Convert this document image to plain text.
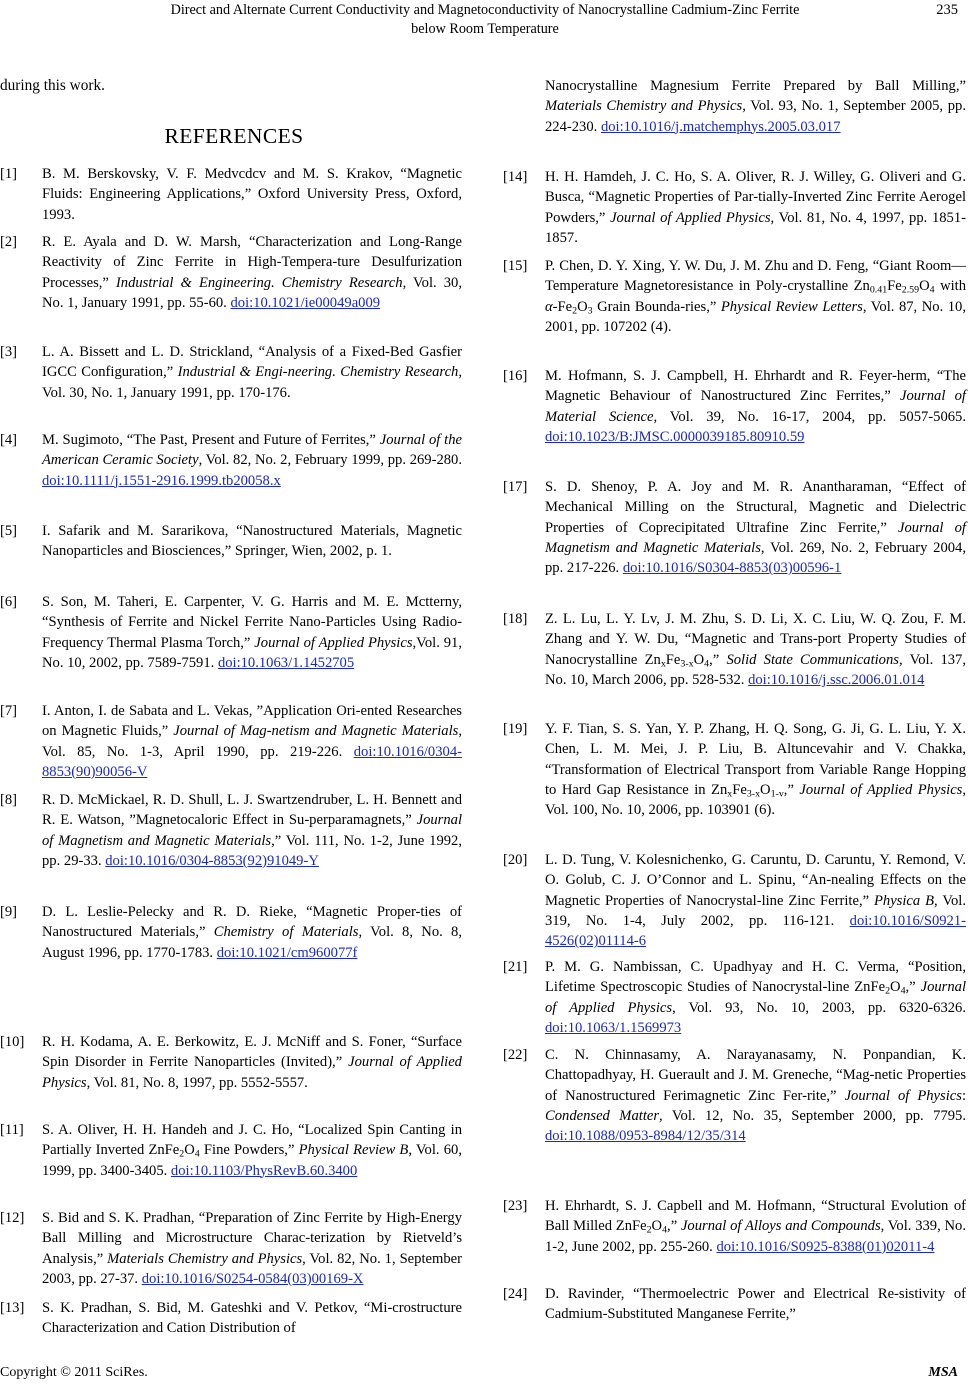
Direct and Alternate Current Conductivity and Magnetoconductivity of Nanocrystalline Cadmium-Zinc Ferrite
below Room Temperature
235
during this work.
REFERENCES
[1] B. M. Berskovsky, V. F. Medvcdcv and M. S. Krakov, “Magnetic Fluids: Engineering Applications,” Oxford University Press, Oxford, 1993.
[2] R. E. Ayala and D. W. Marsh, “Characterization and Long-Range Reactivity of Zinc Ferrite in High-Tempera-ture Desulfurization Processes,” Industrial & Engineering. Chemistry Research, Vol. 30, No. 1, January 1991, pp. 55-60. doi:10.1021/ie00049a009
[3] L. A. Bissett and L. D. Strickland, “Analysis of a Fixed-Bed Gasfier IGCC Configuration,” Industrial & Engi-neering. Chemistry Research, Vol. 30, No. 1, January 1991, pp. 170-176.
[4] M. Sugimoto, “The Past, Present and Future of Ferrites,” Journal of the American Ceramic Society, Vol. 82, No. 2, February 1999, pp. 269-280. doi:10.1111/j.1551-2916.1999.tb20058.x
[5] I. Safarik and M. Sararikova, “Nanostructured Materials, Magnetic Nanoparticles and Biosciences,” Springer, Wien, 2002, p. 1.
[6] S. Son, M. Taheri, E. Carpenter, V. G. Harris and M. E. Mctterny, “Synthesis of Ferrite and Nickel Ferrite Nano-Particles Using Radio-Frequency Thermal Plasma Torch,” Journal of Applied Physics,Vol. 91, No. 10, 2002, pp. 7589-7591. doi:10.1063/1.1452705
[7] I. Anton, I. de Sabata and L. Vekas, ”Application Ori-ented Researches on Magnetic Fluids,” Journal of Mag-netism and Magnetic Materials, Vol. 85, No. 1-3, April 1990, pp. 219-226. doi:10.1016/0304-8853(90)90056-V
[8] R. D. McMickael, R. D. Shull, L. J. Swartzendruber, L. H. Bennett and R. E. Watson, ”Magnetocaloric Effect in Su-perparamagnets,” Journal of Magnetism and Magnetic Materials,” Vol. 111, No. 1-2, June 1992, pp. 29-33. doi:10.1016/0304-8853(92)91049-Y
[9] D. L. Leslie-Pelecky and R. D. Rieke, “Magnetic Proper-ties of Nanostructured Materials,” Chemistry of Materials, Vol. 8, No. 8, August 1996, pp. 1770-1783. doi:10.1021/cm960077f
[10] R. H. Kodama, A. E. Berkowitz, E. J. McNiff and S. Foner, “Surface Spin Disorder in Ferrite Nanoparticles (Invited),” Journal of Applied Physics, Vol. 81, No. 8, 1997, pp. 5552-5557.
[11] S. A. Oliver, H. H. Handeh and J. C. Ho, “Localized Spin Canting in Partially Inverted $ZnFe_2O_4$ Fine Powders,” Physical Review B, Vol. 60, 1999, pp. 3400-3405. doi:10.1103/PhysRevB.60.3400
[12] S. Bid and S. K. Pradhan, “Preparation of Zinc Ferrite by High-Energy Ball Milling and Microstructure Charac-terization by Rietveld’s Analysis,” Materials Chemistry and Physics, Vol. 82, No. 1, September 2003, pp. 27-37. doi:10.1016/S0254-0584(03)00169-X
[13] S. K. Pradhan, S. Bid, M. Gateshki and V. Petkov, “Mi-crostructure Characterization and Cation Distribution of
Nanocrystalline Magnesium Ferrite Prepared by Ball Milling,” Materials Chemistry and Physics, Vol. 93, No. 1, September 2005, pp. 224-230. doi:10.1016/j.matchemphys.2005.03.017
[14] H. H. Hamdeh, J. C. Ho, S. A. Oliver, R. J. Willey, G. Oliveri and G. Busca, “Magnetic Properties of Par-tially-Inverted Zinc Ferrite Aerogel Powders,” Journal of Applied Physics, Vol. 81, No. 4, 1997, pp. 1851-1857.
[15] P. Chen, D. Y. Xing, Y. W. Du, J. M. Zhu and D. Feng, “Giant Room—Temperature Magnetoresistance in Poly-crystalline $Zn_{0.41}Fe_{2.59}O_4$ with $\alpha-Fe_2O_3$ Grain Bounda-ries,” Physical Review Letters, Vol. 87, No. 10, 2001, pp. 107202 (4).
[16] M. Hofmann, S. J. Campbell, H. Ehrhardt and R. Feyer-herm, “The Magnetic Behaviour of Nanostructured Zinc Ferrites,” Journal of Material Science, Vol. 39, No. 16-17, 2004, pp. 5057-5065. doi:10.1023/B:JMSC.0000039185.80910.59
[17] S. D. Shenoy, P. A. Joy and M. R. Anantharaman, “Effect of Mechanical Milling on the Structural, Magnetic and Dielectric Properties of Coprecipitated Ultrafine Zinc Ferrite,” Journal of Magnetism and Magnetic Materials, Vol. 269, No. 2, February 2004, pp. 217-226. doi:10.1016/S0304-8853(03)00596-1
[18] Z. L. Lu, L. Y. Lv, J. M. Zhu, S. D. Li, X. C. Liu, W. Q. Zou, F. M. Zhang and Y. W. Du, “Magnetic and Trans-port Property Studies of Nanocrystalline $Zn_xFe_{3-x}O_4$,” Solid State Communications, Vol. 137, No. 10, March 2006, pp. 528-532. doi:10.1016/j.ssc.2006.01.014
[19] Y. F. Tian, S. S. Yan, Y. P. Zhang, H. Q. Song, G. Ji, G. L. Liu, Y. X. Chen, L. M. Mei, J. P. Liu, B. Altuncevahir and V. Chakka, “Transformation of Electrical Transport from Variable Range Hopping to Hard Gap Resistance in $Zn_xFe_{3-x}O_{1-v}$,” Journal of Applied Physics, Vol. 100, No. 10, 2006, pp. 103901 (6).
[20] L. D. Tung, V. Kolesnichenko, G. Caruntu, D. Caruntu, Y. Remond, V. O. Golub, C. J. O’Connor and L. Spinu, “An-nealing Effects on the Magnetic Properties of Nanocrystal-line Zinc Ferrite,” Physica B, Vol. 319, No. 1-4, July 2002, pp. 116-121. doi:10.1016/S0921-4526(02)01114-6
[21] P. M. G. Nambissan, C. Upadhyay and H. C. Verma, “Position, Lifetime Spectroscopic Studies of Nanocrystal-line $ZnFe_2O_4$,” Journal of Applied Physics, Vol. 93, No. 10, 2003, pp. 6320-6326. doi:10.1063/1.1569973
[22] C. N. Chinnasamy, A. Narayanasamy, N. Ponpandian, K. Chattopadhyay, H. Guerault and J. M. Greneche, “Mag-netic Properties of Nanostructured Ferimagnetic Zinc Fer-rite,” Journal of Physics: Condensed Matter, Vol. 12, No. 35, September 2000, pp. 7795. doi:10.1088/0953-8984/12/35/314
[23] H. Ehrhardt, S. J. Capbell and M. Hofmann, “Structural Evolution of Ball Milled $ZnFe_2O_4$,” Journal of Alloys and Compounds, Vol. 339, No. 1-2, June 2002, pp. 255-260. doi:10.1016/S0925-8388(01)02011-4
[24] D. Ravinder, “Thermoelectric Power and Electrical Re-sistivity of Cadmium-Substituted Manganese Ferrite,”
Copyright © 2011 SciRes.	MSA
